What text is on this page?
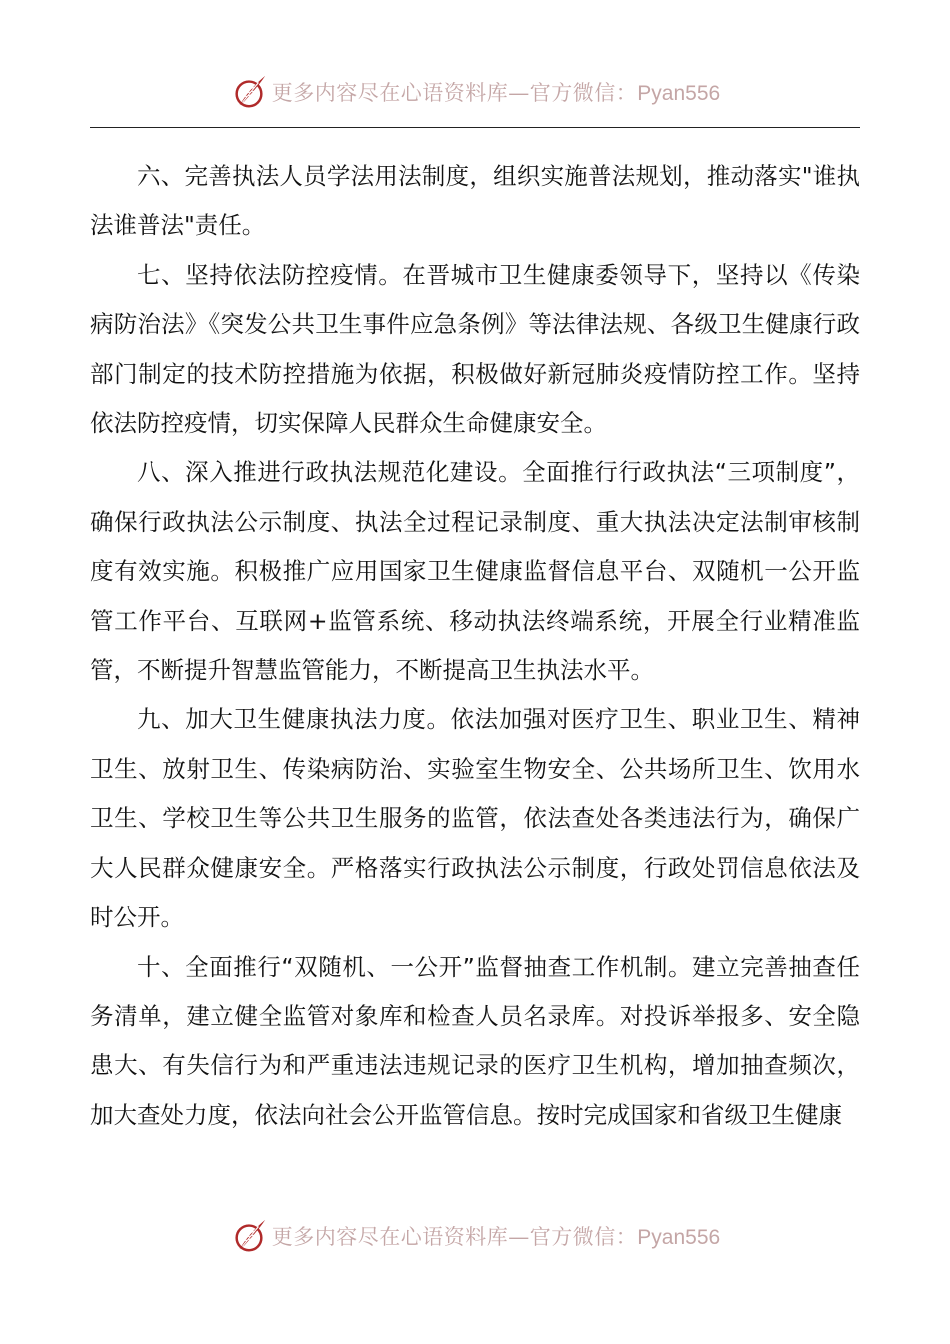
更多内容尽在心语资料库—官方微信：Pyan556

六、完善执法人员学法用法制度，组织实施普法规划，推动落实"谁执法谁普法"责任。

七、坚持依法防控疫情。在晋城市卫生健康委领导下，坚持以《传染病防治法》《突发公共卫生事件应急条例》等法律法规、各级卫生健康行政部门制定的技术防控措施为依据，积极做好新冠肺炎疫情防控工作。坚持依法防控疫情，切实保障人民群众生命健康安全。

八、深入推进行政执法规范化建设。全面推行行政执法“三项制度”，确保行政执法公示制度、执法全过程记录制度、重大执法决定法制审核制度有效实施。积极推广应用国家卫生健康监督信息平台、双随机一公开监管工作平台、互联网+监管系统、移动执法终端系统，开展全行业精准监管，不断提升智慧监管能力，不断提高卫生执法水平。

九、加大卫生健康执法力度。依法加强对医疗卫生、职业卫生、精神卫生、放射卫生、传染病防治、实验室生物安全、公共场所卫生、饮用水卫生、学校卫生等公共卫生服务的监管，依法查处各类违法行为，确保广大人民群众健康安全。严格落实行政执法公示制度，行政处罚信息依法及时公开。

十、全面推行“双随机、一公开”监督抽查工作机制。建立完善抽查任务清单，建立健全监管对象库和检查人员名录库。对投诉举报多、安全隐患大、有失信行为和严重违法违规记录的医疗卫生机构，增加抽查频次，加大查处力度，依法向社会公开监管信息。按时完成国家和省级卫生健康

更多内容尽在心语资料库—官方微信：Pyan556
